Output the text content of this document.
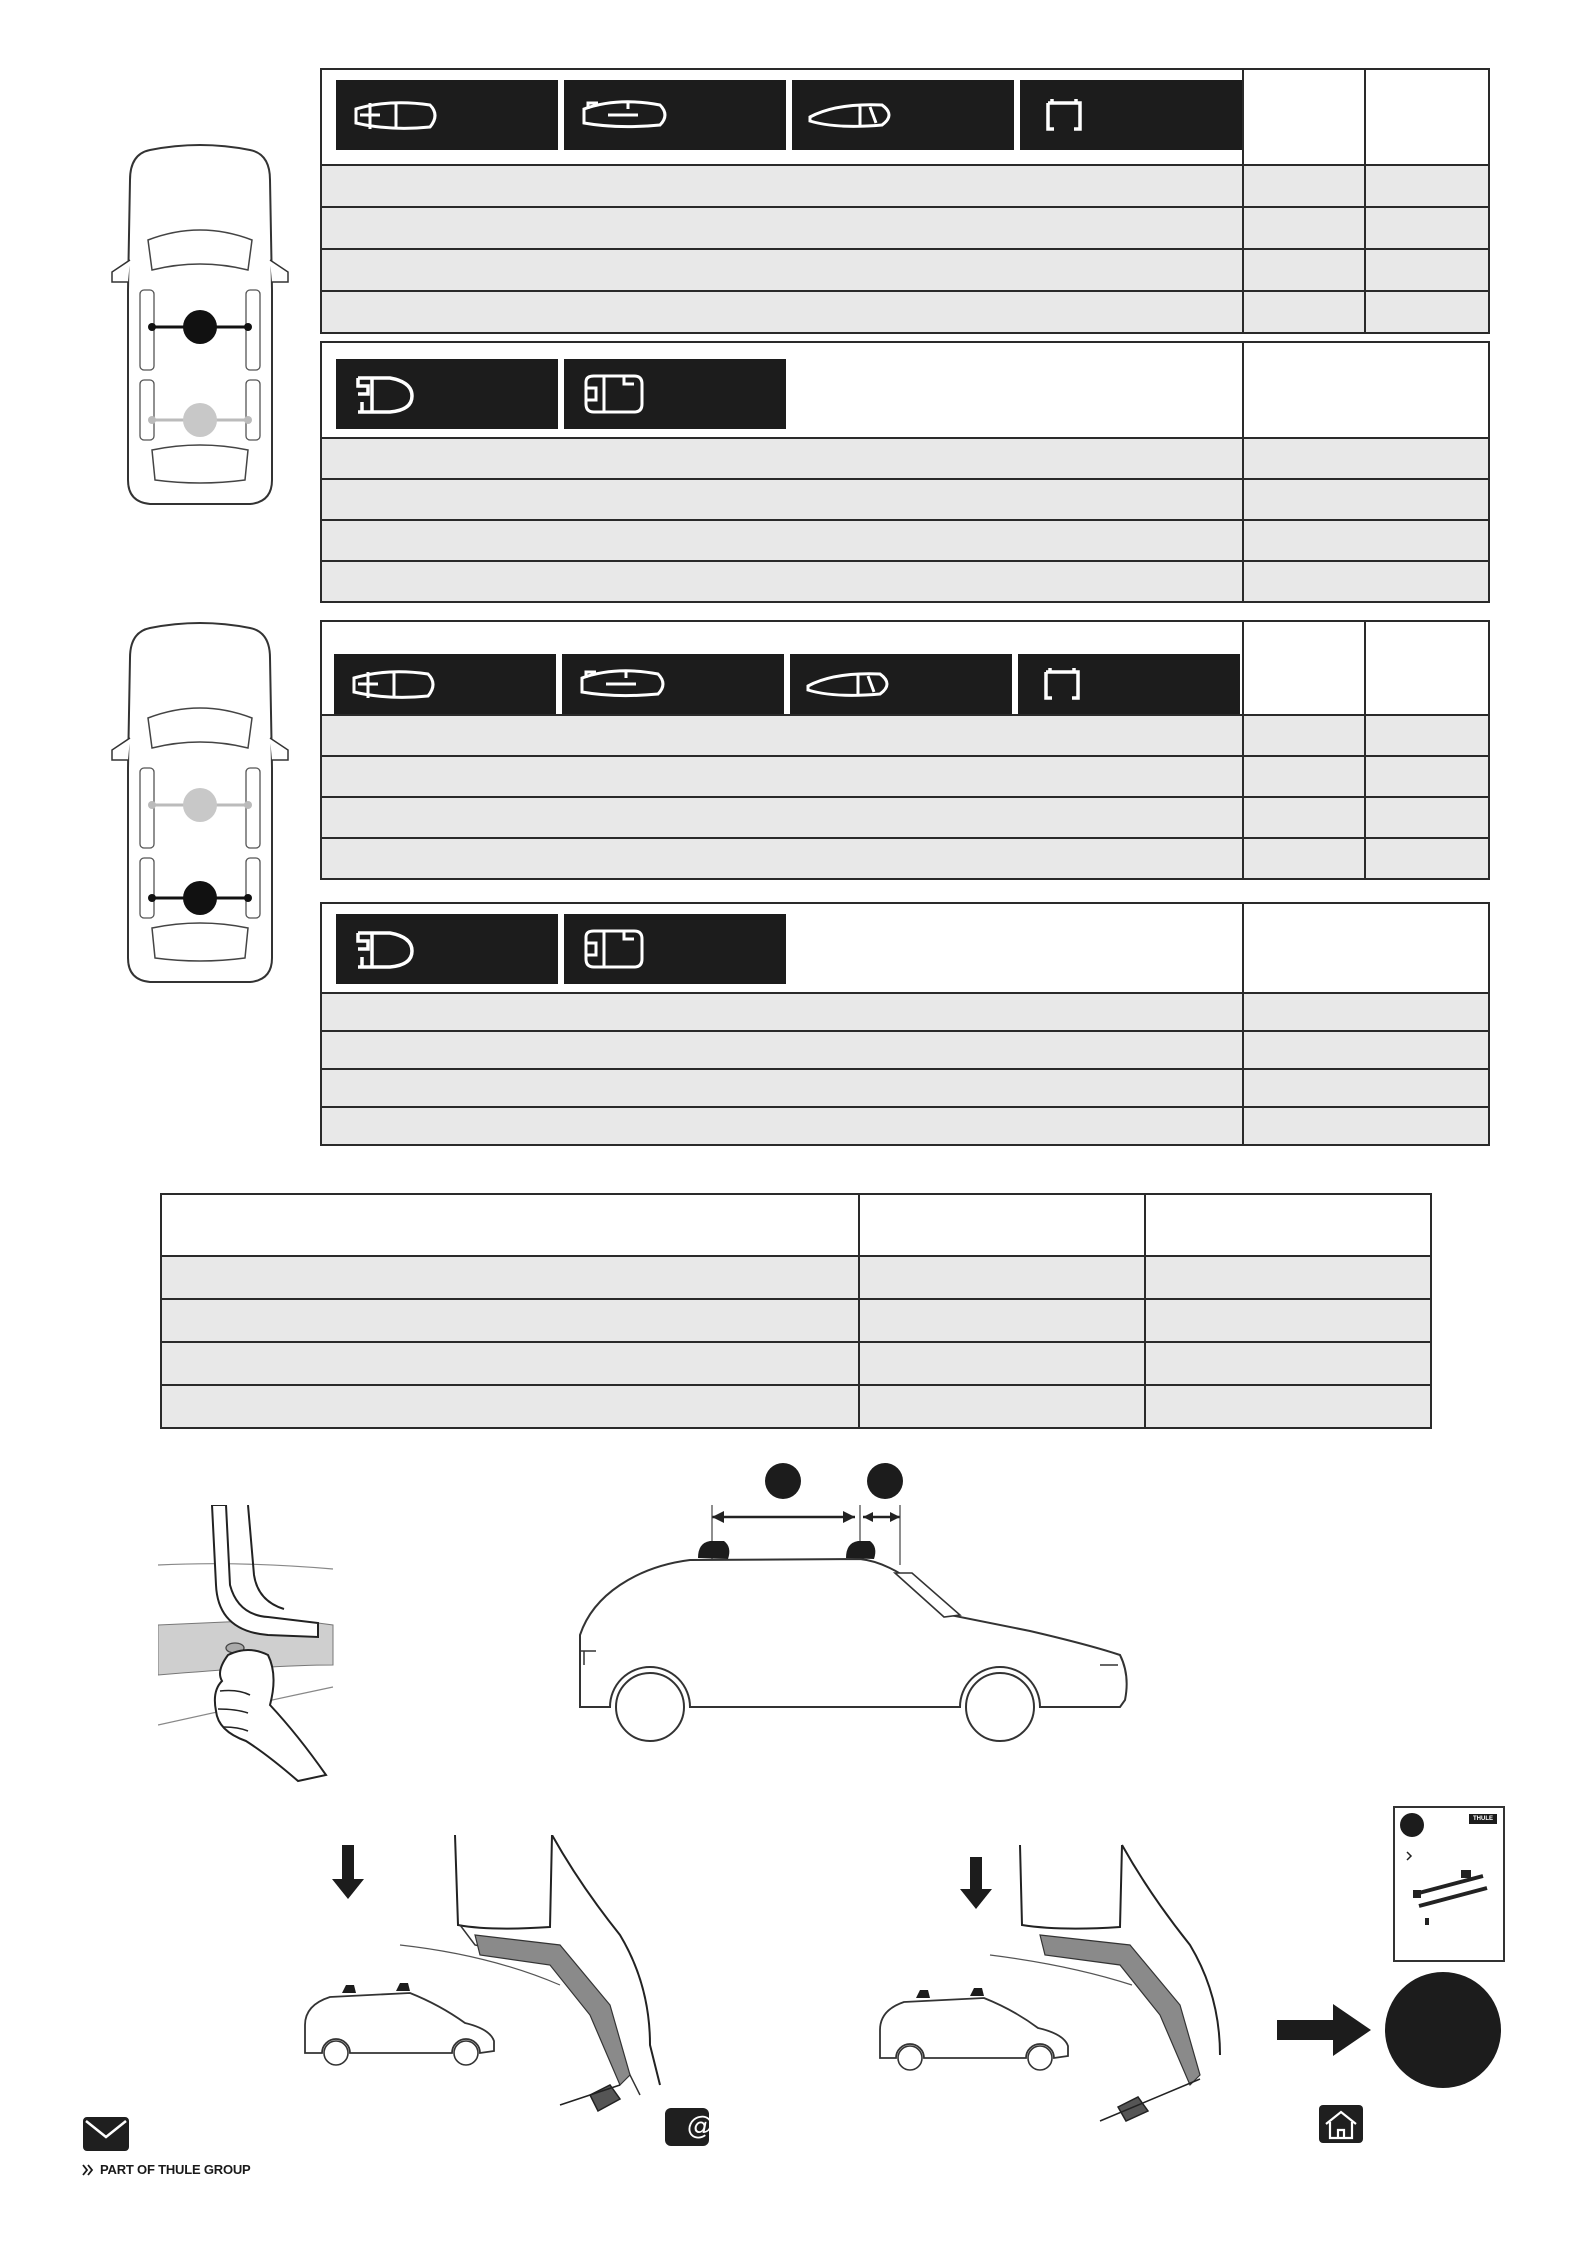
THULE
PART OF THULE GROUP
@
